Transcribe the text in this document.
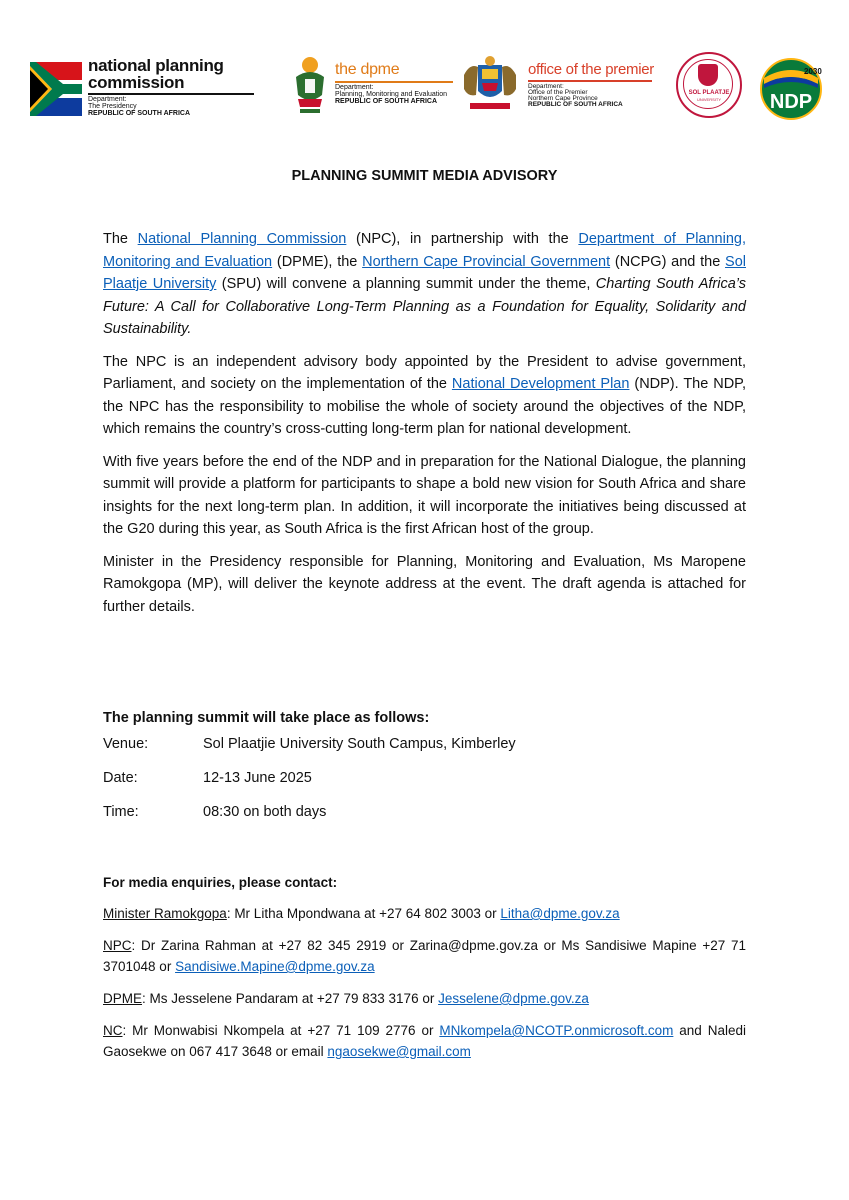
national planning
commission
Department:
The Presidency
REPUBLIC OF SOUTH AFRICA
the dpme
Department:
Planning, Monitoring and Evaluation
REPUBLIC OF SOUTH AFRICA
office of the premier
Department:
Office of the Premier
Northern Cape Province
REPUBLIC OF SOUTH AFRICA
SOL PLAATJE
UNIVERSITY
2030
NDP
PLANNING SUMMIT MEDIA ADVISORY

The National Planning Commission (NPC), in partnership with the Department of Planning, Monitoring and Evaluation (DPME), the Northern Cape Provincial Government (NCPG) and the Sol Plaatje University (SPU) will convene a planning summit under the theme, Charting South Africa’s Future: A Call for Collaborative Long-Term Planning as a Foundation for Equality, Solidarity and Sustainability.

The NPC is an independent advisory body appointed by the President to advise government, Parliament, and society on the implementation of the National Development Plan (NDP). The NDP, the NPC has the responsibility to mobilise the whole of society around the objectives of the NDP, which remains the country’s cross-cutting long-term plan for national development.

With five years before the end of the NDP and in preparation for the National Dialogue, the planning summit will provide a platform for participants to shape a bold new vision for South Africa and share insights for the next long-term plan. In addition, it will incorporate the initiatives being discussed at the G20 during this year, as South Africa is the first African host of the group.

Minister in the Presidency responsible for Planning, Monitoring and Evaluation, Ms Maropene Ramokgopa (MP), will deliver the keynote address at the event. The draft agenda is attached for further details.

The planning summit will take place as follows:
Venue:	Sol Plaatjie University South Campus, Kimberley
Date:	12-13 June 2025
Time:	08:30 on both days
For media enquiries, please contact:
Minister Ramokgopa: Mr Litha Mpondwana at +27 64 802 3003 or Litha@dpme.gov.za
NPC: Dr Zarina Rahman at +27 82 345 2919 or Zarina@dpme.gov.za or Ms Sandisiwe Mapine +27 71 3701048 or Sandisiwe.Mapine@dpme.gov.za
DPME: Ms Jesselene Pandaram at +27 79 833 3176 or Jesselene@dpme.gov.za
NC: Mr Monwabisi Nkompela at +27 71 109 2776 or MNkompela@NCOTP.onmicrosoft.com and Naledi Gaosekwe on 067 417 3648 or email ngaosekwe@gmail.com
